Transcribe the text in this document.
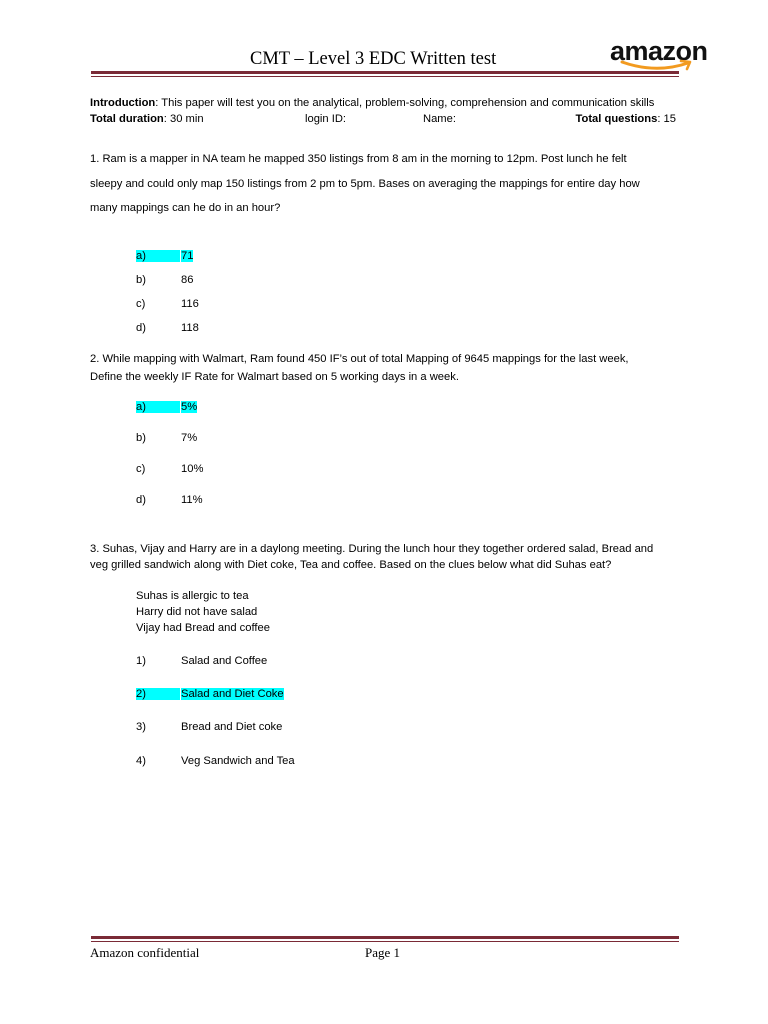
CMT – Level 3 EDC Written test	amazon
Introduction: This paper will test you on the analytical, problem-solving, comprehension and communication skills
Total duration: 30 min	login ID:	Name:	Total questions: 15
1. Ram is a mapper in NA team he mapped 350 listings from 8 am in the morning to 12pm. Post lunch he felt
sleepy and could only map 150 listings from 2 pm to 5pm. Bases on averaging the mappings for entire day how
many mappings can he do in an hour?
a)	71
b)	86
c)	116
d)	118
2. While mapping with Walmart, Ram found 450 IF’s out of total Mapping of 9645 mappings for the last week,
Define the weekly IF Rate for Walmart based on 5 working days in a week.
a)	5%
b)	7%
c)	10%
d)	11%
3. Suhas, Vijay and Harry are in a daylong meeting. During the lunch hour they together ordered salad, Bread and
veg grilled sandwich along with Diet coke, Tea and coffee. Based on the clues below what did Suhas eat?
Suhas is allergic to tea
Harry did not have salad
Vijay had Bread and coffee
1)	Salad and Coffee
2)	Salad and Diet Coke
3)	Bread and Diet coke
4)	Veg Sandwich and Tea
Amazon confidential	Page 1
